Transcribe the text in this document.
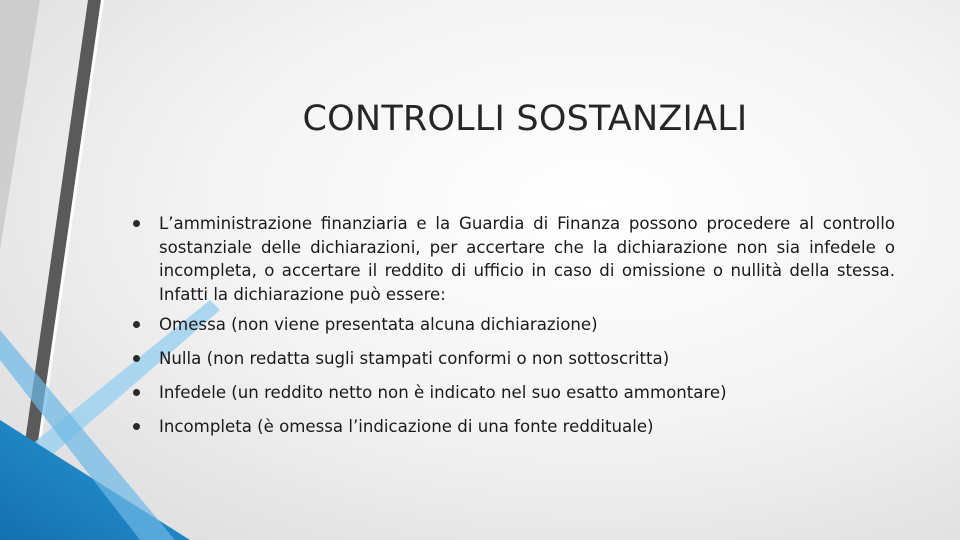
CONTROLLI SOSTANZIALI
L’amministrazione finanziaria e la Guardia di Finanza possono procedere al controllo sostanziale delle dichiarazioni, per accertare che la dichiarazione non sia infedele o incompleta, o accertare il reddito di ufficio in caso di omissione o nullità della stessa. Infatti la dichiarazione può essere:
Omessa (non viene presentata alcuna dichiarazione)
Nulla (non redatta sugli stampati conformi o non sottoscritta)
Infedele (un reddito netto non è indicato nel suo esatto ammontare)
Incompleta (è omessa l’indicazione di una fonte reddituale)
